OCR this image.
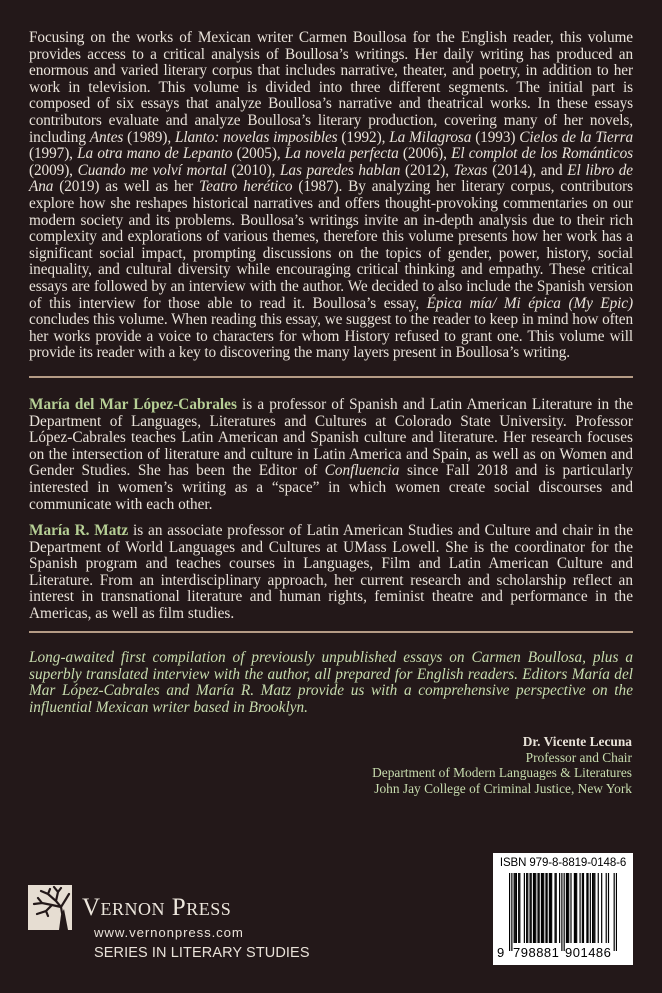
Focusing on the works of Mexican writer Carmen Boullosa for the English reader, this volume provides access to a critical analysis of Boullosa’s writings. Her daily writing has produced an enormous and varied literary corpus that includes narrative, theater, and poetry, in addition to her work in television. This volume is divided into three different segments. The initial part is composed of six essays that analyze Boullosa’s narrative and theatrical works. In these essays contributors evaluate and analyze Boullosa’s literary production, covering many of her novels, including Antes (1989), Llanto: novelas imposibles (1992), La Milagrosa (1993) Cielos de la Tierra (1997), La otra mano de Lepanto (2005), La novela perfecta (2006), El complot de los Románticos (2009), Cuando me volví mortal (2010), Las paredes hablan (2012), Texas (2014), and El libro de Ana (2019) as well as her Teatro herético (1987). By analyzing her literary corpus, contributors explore how she reshapes historical narratives and offers thought-provoking commentaries on our modern society and its problems. Boullosa’s writings invite an in-depth analysis due to their rich complexity and explorations of various themes, therefore this volume presents how her work has a significant social impact, prompting discussions on the topics of gender, power, history, social inequality, and cultural diversity while encouraging critical thinking and empathy. These critical essays are followed by an interview with the author. We decided to also include the Spanish version of this interview for those able to read it. Boullosa’s essay, Épica mía/ Mi épica (My Epic) concludes this volume. When reading this essay, we suggest to the reader to keep in mind how often her works provide a voice to characters for whom History refused to grant one. This volume will provide its reader with a key to discovering the many layers present in Boullosa’s writing.

María del Mar López-Cabrales is a professor of Spanish and Latin American Literature in the Department of Languages, Literatures and Cultures at Colorado State University. Professor López-Cabrales teaches Latin American and Spanish culture and literature. Her research focuses on the intersection of literature and culture in Latin America and Spain, as well as on Women and Gender Studies. She has been the Editor of Confluencia since Fall 2018 and is particularly interested in women’s writing as a “space” in which women create social discourses and communicate with each other.

María R. Matz is an associate professor of Latin American Studies and Culture and chair in the Department of World Languages and Cultures at UMass Lowell. She is the coordinator for the Spanish program and teaches courses in Languages, Film and Latin American Culture and Literature. From an interdisciplinary approach, her current research and scholarship reflect an interest in transnational literature and human rights, feminist theatre and performance in the Americas, as well as film studies.

Long-awaited first compilation of previously unpublished essays on Carmen Boullosa, plus a superbly translated interview with the author, all prepared for English readers. Editors María del Mar López-Cabrales and María R. Matz provide us with a comprehensive perspective on the influential Mexican writer based in Brooklyn.
Dr. Vicente Lecuna
Professor and Chair
Department of Modern Languages & Literatures
John Jay College of Criminal Justice, New York
Vernon Press
www.vernonpress.com
SERIES IN LITERARY STUDIES
ISBN 979-8-8819-0148-6
9 798881 901486
